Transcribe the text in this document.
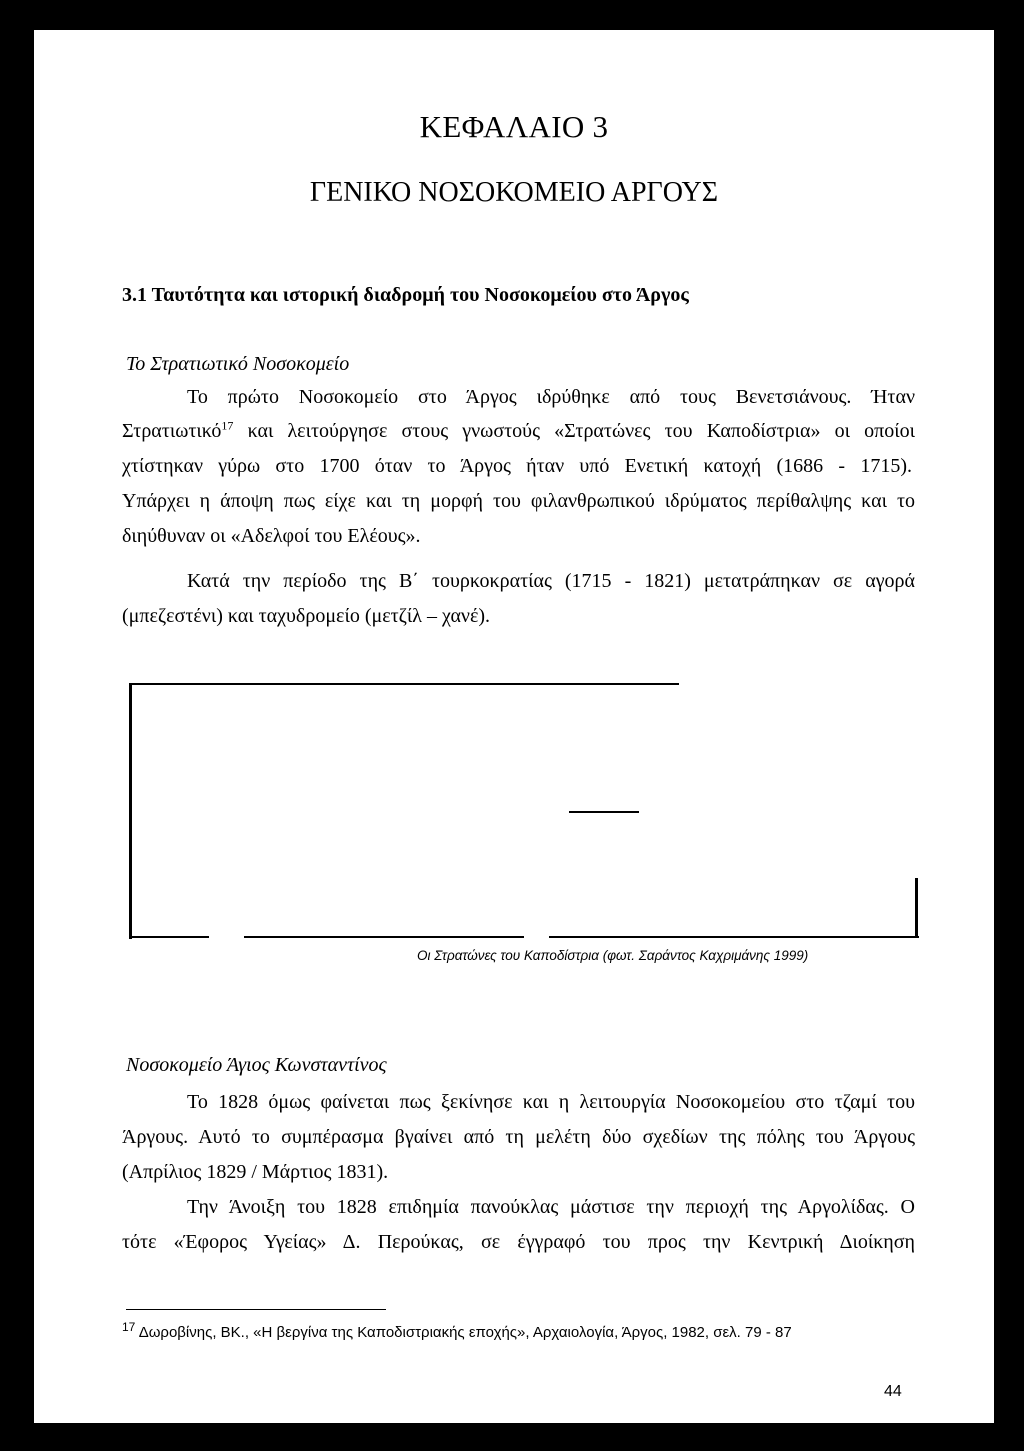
ΚΕΦΑΛΑΙΟ 3
ΓΕΝΙΚΟ ΝΟΣΟΚΟΜΕΙΟ ΑΡΓΟΥΣ
3.1 Ταυτότητα και ιστορική διαδρομή του Νοσοκομείου στο Άργος
Το Στρατιωτικό Νοσοκομείο
Το πρώτο Νοσοκομείο στο Άργος ιδρύθηκε από τους Βενετσιάνους. Ήταν
Στρατιωτικό$^{17}$ και λειτούργησε στους γνωστούς «Στρατώνες του Καποδίστρια» οι οποίοι
χτίστηκαν γύρω στο 1700 όταν το Άργος ήταν υπό Ενετική κατοχή (1686 - 1715).
Υπάρχει η άποψη πως είχε και τη μορφή του φιλανθρωπικού ιδρύματος περίθαλψης και το
διηύθυναν οι «Αδελφοί του Ελέους».
Κατά την περίοδο της Β΄ τουρκοκρατίας (1715 - 1821) μετατράπηκαν σε αγορά
(μπεζεστένι) και ταχυδρομείο (μετζίλ – χανέ).
Οι Στρατώνες του Καποδίστρια (φωτ. Σαράντος Καχριμάνης 1999)
Νοσοκομείο Άγιος Κωνσταντίνος
Το 1828 όμως φαίνεται πως ξεκίνησε και η λειτουργία Νοσοκομείου στο τζαμί του
Άργους. Αυτό το συμπέρασμα βγαίνει από τη μελέτη δύο σχεδίων της πόλης του Άργους
(Απρίλιος 1829 / Μάρτιος 1831).
Την Άνοιξη του 1828 επιδημία πανούκλας μάστισε την περιοχή της Αργολίδας. Ο
τότε «Έφορος Υγείας» Δ. Περούκας, σε έγγραφό του προς την Κεντρική Διοίκηση
$^{17}$ Δωροβίνης, ΒΚ., «Η βεργίνα της Καποδιστριακής εποχής», Αρχαιολογία, Άργος, 1982, σελ. 79 - 87
44
